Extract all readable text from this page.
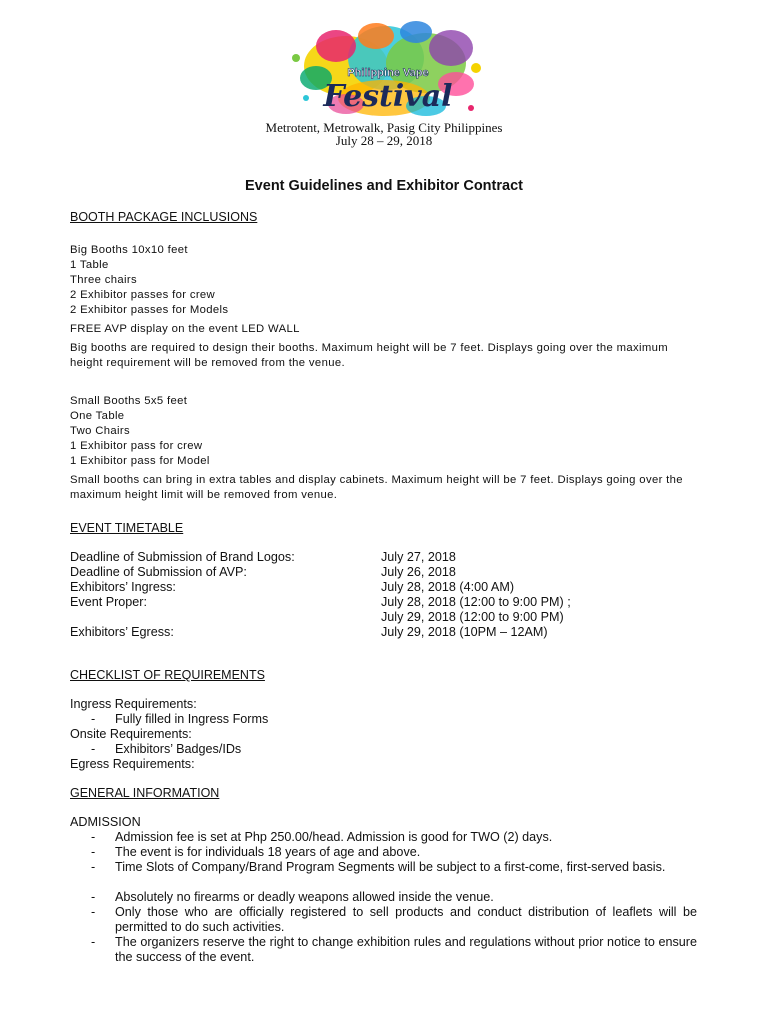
Philippine Vape
Festival
Metrotent, Metrowalk, Pasig City Philippines
July 28 – 29, 2018
Event Guidelines and Exhibitor Contract
BOOTH PACKAGE INCLUSIONS
Big Booths 10x10 feet
1 Table
Three chairs
2 Exhibitor passes for crew
2 Exhibitor passes for Models
FREE AVP display on the event LED WALL
Big booths are required to design their booths. Maximum height will be 7 feet. Displays going over the maximum height requirement will be removed from the venue.
Small Booths 5x5 feet
One Table
Two Chairs
1 Exhibitor pass for crew
1 Exhibitor pass for Model
Small booths can bring in extra tables and display cabinets. Maximum height will be 7 feet. Displays going over the maximum height limit will be removed from venue.
EVENT TIMETABLE
Deadline of Submission of Brand Logos:	July 27, 2018
Deadline of Submission of AVP:	July 26, 2018
Exhibitors’ Ingress:	July 28, 2018 (4:00 AM)
Event Proper:	July 28, 2018 (12:00 to 9:00 PM) ;
July 29, 2018 (12:00 to 9:00 PM)
Exhibitors’ Egress:	July 29, 2018 (10PM – 12AM)
CHECKLIST OF REQUIREMENTS
Ingress Requirements:
- Fully filled in Ingress Forms
Onsite Requirements:
- Exhibitors’ Badges/IDs
Egress Requirements:
GENERAL INFORMATION
ADMISSION
- Admission fee is set at Php 250.00/head. Admission is good for TWO (2) days.
- The event is for individuals 18 years of age and above.
- Time Slots of Company/Brand Program Segments will be subject to a first-come, first-served basis.
- Absolutely no firearms or deadly weapons allowed inside the venue.
- Only those who are officially registered to sell products and conduct distribution of leaflets will be permitted to do such activities.
- The organizers reserve the right to change exhibition rules and regulations without prior notice to ensure the success of the event.
